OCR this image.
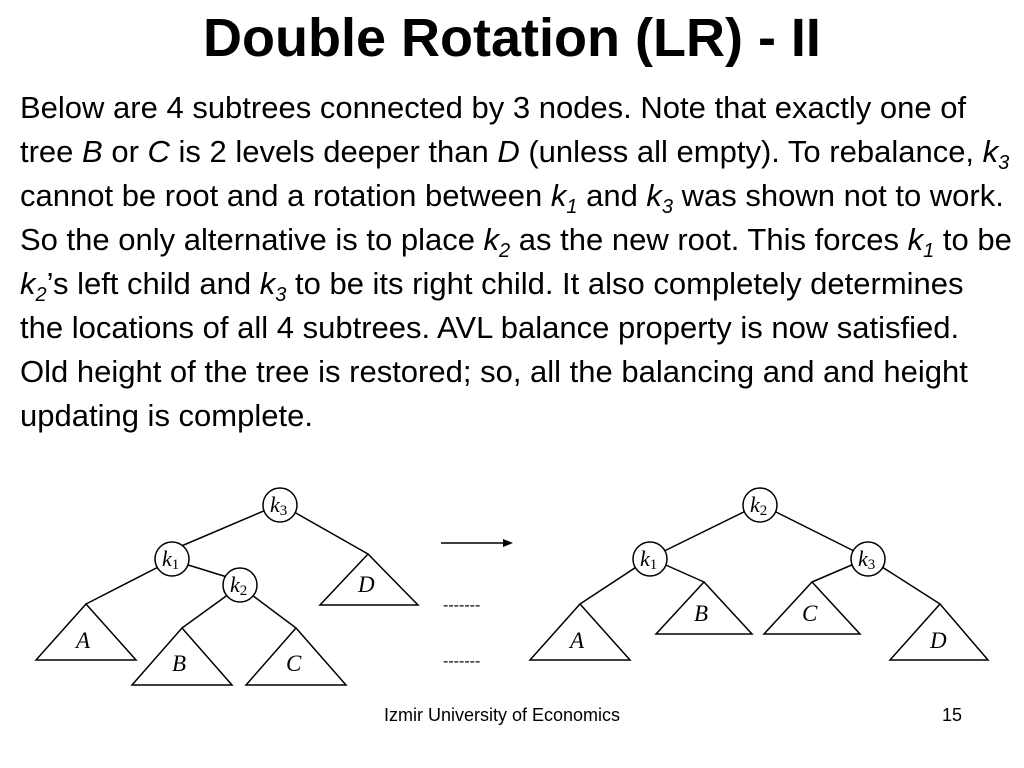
Double Rotation (LR) - II
Below are 4 subtrees connected by 3 nodes. Note that exactly one of tree B or C is 2 levels deeper than D (unless all empty). To rebalance, $k_3$ cannot be root and a rotation between $k_1$ and $k_3$ was shown not to work. So the only alternative is to place $k_2$ as the new root. This forces $k_1$ to be $k_2’s$ left child and $k_3$ to be its right child. It also completely determines the locations of all 4 subtrees. AVL balance property is now satisfied. Old height of the tree is restored; so, all the balancing and and height updating is complete.
k3
k1
k2
k2
k1	k3
A
B	C
D
A
B	C
D
-------
-------
Izmir University of Economics	15
